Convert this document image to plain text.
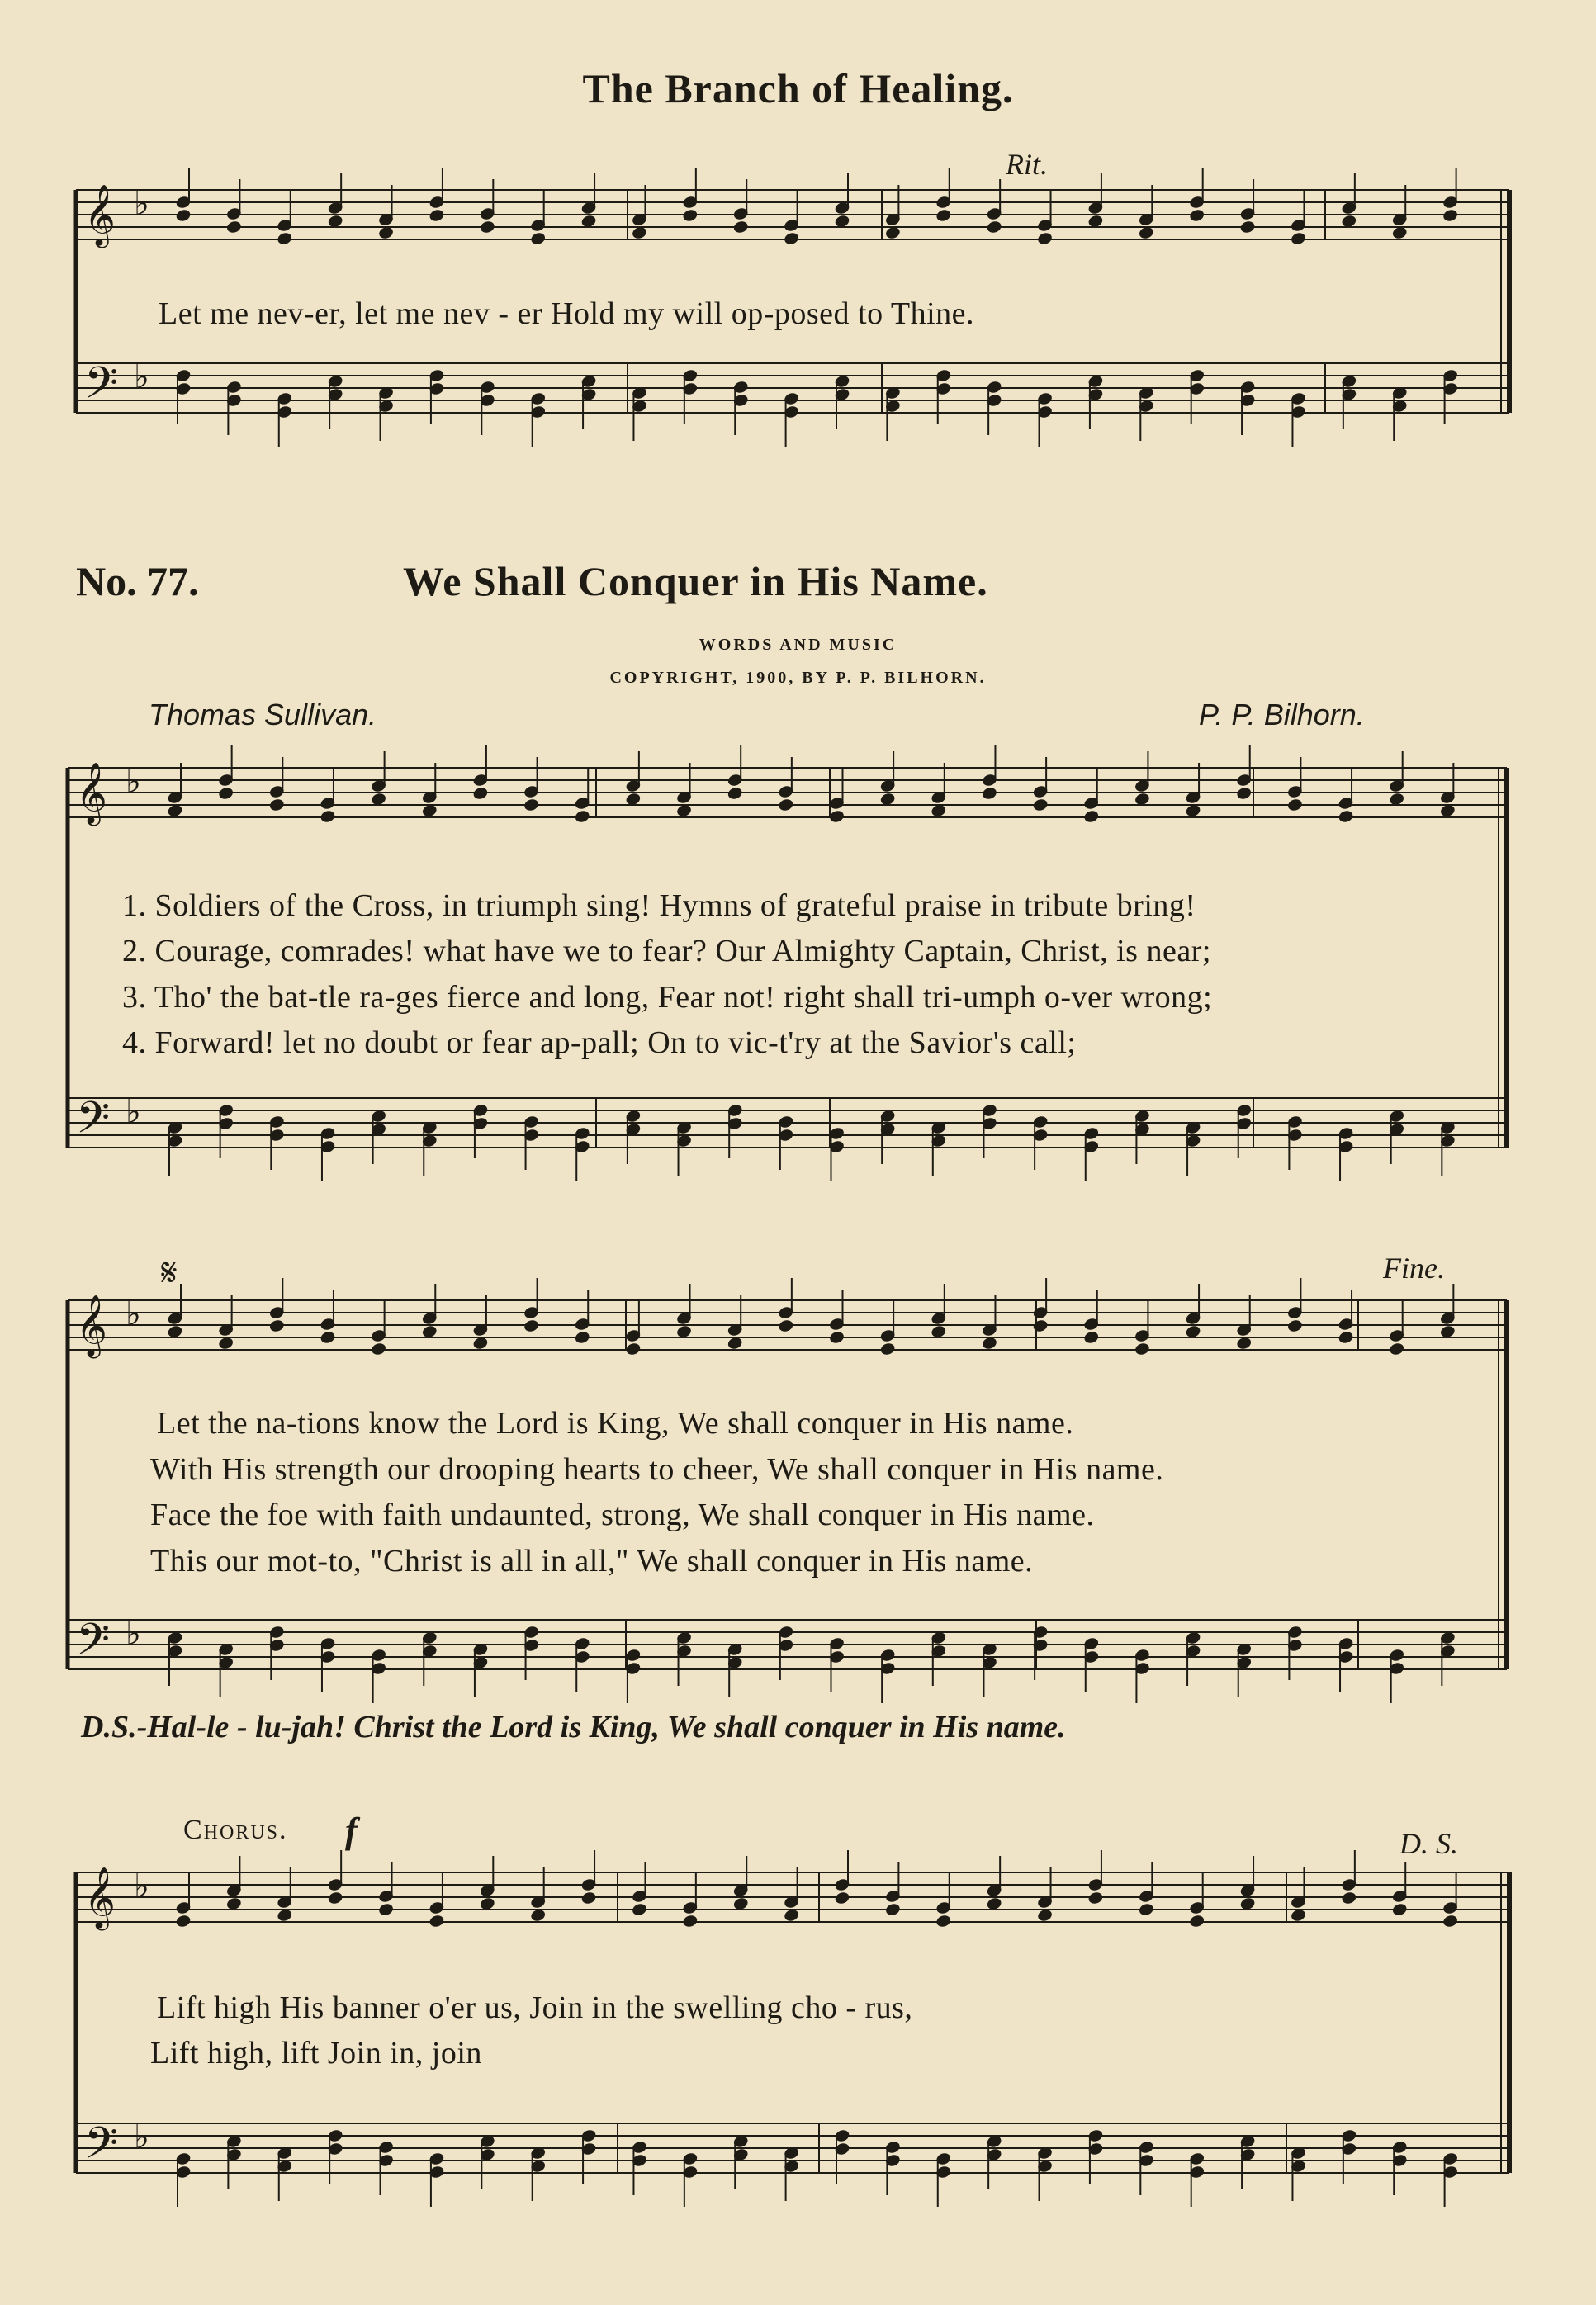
The Branch of Healing.
Rit.
Let me nev-er, let me nev - er Hold my will op-posed to Thine.
No. 77.	We Shall Conquer in His Name.
WORDS AND MUSIC
COPYRIGHT, 1900, BY P. P. BILHORN.
Thomas Sullivan.	P. P. Bilhorn.
1. Soldiers of the Cross, in triumph sing! Hymns of grateful praise in tribute bring!
2. Courage, comrades! what have we to fear? Our Almighty Captain, Christ, is near;
3. Tho' the bat-tle ra-ges fierce and long, Fear not! right shall tri-umph o-ver wrong;
4. Forward! let no doubt or fear ap-pall; On to vic-t'ry at the Savior's call;
𝄋	Fine.
Let the na-tions know the Lord is King, We shall conquer in His name.
With His strength our drooping hearts to cheer, We shall conquer in His name.
Face the foe with faith undaunted, strong, We shall conquer in His name.
This our mot-to, "Christ is all in all," We shall conquer in His name.
D.S.-Hal-le - lu-jah! Christ the Lord is King, We shall conquer in His name.
Chorus. f	D. S.
Lift high His banner o'er us, Join in the swelling cho - rus,
Lift high, lift Join in, join
𝄞 ♭
𝄢 ♭
𝄞 ♭
𝄢 ♭
𝄞 ♭
𝄢 ♭
𝄞 ♭
𝄢 ♭
